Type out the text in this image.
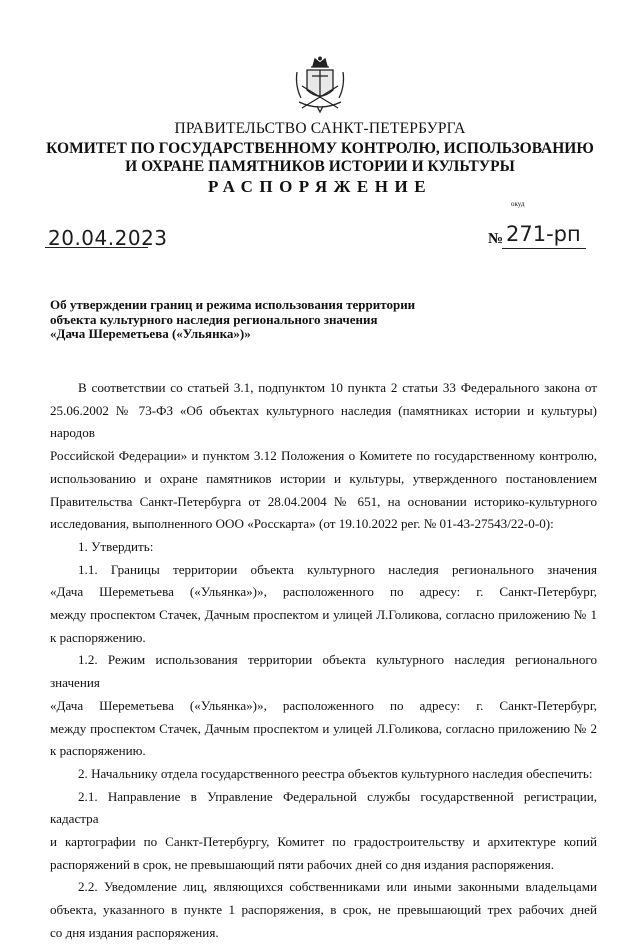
ПРАВИТЕЛЬСТВО САНКТ-ПЕТЕРБУРГА
КОМИТЕТ ПО ГОСУДАРСТВЕННОМУ КОНТРОЛЮ, ИСПОЛЬЗОВАНИЮ
И ОХРАНЕ ПАМЯТНИКОВ ИСТОРИИ И КУЛЬТУРЫ
РАСПОРЯЖЕНИЕ
окуд
20.04.2023	№ 271-рп
Об утверждении границ и режима использования территории
объекта культурного наследия регионального значения
«Дача Шереметьева («Ульянка»)»

В соответствии со статьей 3.1, подпунктом 10 пункта 2 статьи 33 Федерального закона от

25.06.2002 № 73-ФЗ «Об объектах культурного наследия (памятниках истории и культуры) народов

Российской Федерации» и пунктом 3.12 Положения о Комитете по государственному контролю,

использованию и охране памятников истории и культуры, утвержденного постановлением

Правительства Санкт-Петербурга от 28.04.2004 № 651, на основании историко-культурного

исследования, выполненного ООО «Росскарта» (от 19.10.2022 рег. № 01-43-27543/22-0-0):

1. Утвердить:

1.1. Границы территории объекта культурного наследия регионального значения

«Дача Шереметьева («Ульянка»)», расположенного по адресу: г. Санкт-Петербург,

между проспектом Стачек, Дачным проспектом и улицей Л.Голикова, согласно приложению № 1

к распоряжению.

1.2. Режим использования территории объекта культурного наследия регионального значения

«Дача Шереметьева («Ульянка»)», расположенного по адресу: г. Санкт-Петербург,

между проспектом Стачек, Дачным проспектом и улицей Л.Голикова, согласно приложению № 2

к распоряжению.

2. Начальнику отдела государственного реестра объектов культурного наследия обеспечить:

2.1. Направление в Управление Федеральной службы государственной регистрации, кадастра

и картографии по Санкт-Петербургу, Комитет по градостроительству и архитектуре копий

распоряжений в срок, не превышающий пяти рабочих дней со дня издания распоряжения.

2.2. Уведомление лиц, являющихся собственниками или иными законными владельцами

объекта, указанного в пункте 1 распоряжения, в срок, не превышающий трех рабочих дней

со дня издания распоряжения.
